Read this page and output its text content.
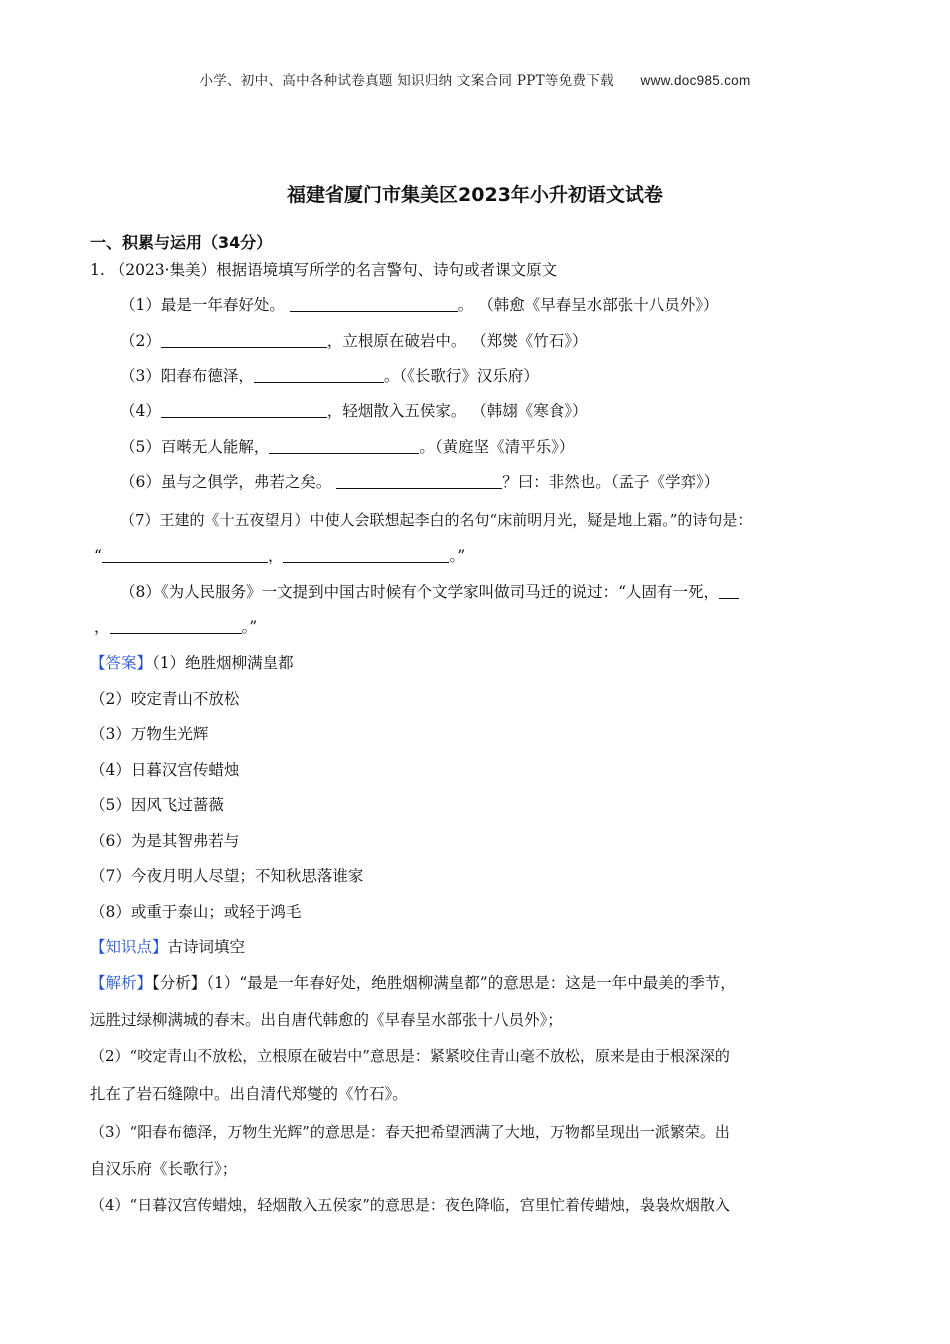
小学、初中、高中各种试卷真题 知识归纳 文案合同 PPT等免费下载 www.doc985.com
福建省厦门市集美区2023年小升初语文试卷
一、积累与运用（34分）
1. （2023·集美）根据语境填写所学的名言警句、诗句或者课文原文
（1）最是一年春好处。	。 （韩愈《早春呈水部张十八员外》）
（2）	，立根原在破岩中。 （郑爕《竹石》）
（3）阳春布德泽，	。（《长歌行》汉乐府）
（4）	，轻烟散入五侯家。 （韩翃《寒食》）
（5）百啭无人能解，	。（黄庭坚《清平乐》）
（6）虽与之俱学，弗若之矣。	？曰：非然也。（孟子《学弈》）
（7）王建的《十五夜望月）中使人会联想起李白的名句“床前明月光，疑是地上霜。”的诗句是：
“	，	。”
（8）《为人民服务》一文提到中国古时候有个文学家叫做司马迁的说过：“人固有一死，
，	。”
【答案】（1）绝胜烟柳满皇都
（2）咬定青山不放松
（3）万物生光辉
（4）日暮汉宫传蜡烛
（5）因风飞过蔷薇
（6）为是其智弗若与
（7）今夜月明人尽望；不知秋思落谁家
（8）或重于泰山；或轻于鸿毛
【知识点】古诗词填空
【解析】【分析】（1）“最是一年春好处，绝胜烟柳满皇都”的意思是：这是一年中最美的季节，
远胜过绿柳满城的春末。出自唐代韩愈的《早春呈水部张十八员外》；
（2）“咬定青山不放松，立根原在破岩中”意思是：紧紧咬住青山毫不放松，原来是由于根深深的
扎在了岩石缝隙中。出自清代郑燮的《竹石》。
（3）“阳春布德泽，万物生光辉”的意思是：春天把希望洒满了大地，万物都呈现出一派繁荣。出
自汉乐府《长歌行》；
（4）“日暮汉宫传蜡烛，轻烟散入五侯家”的意思是：夜色降临，宫里忙着传蜡烛，袅袅炊烟散入
